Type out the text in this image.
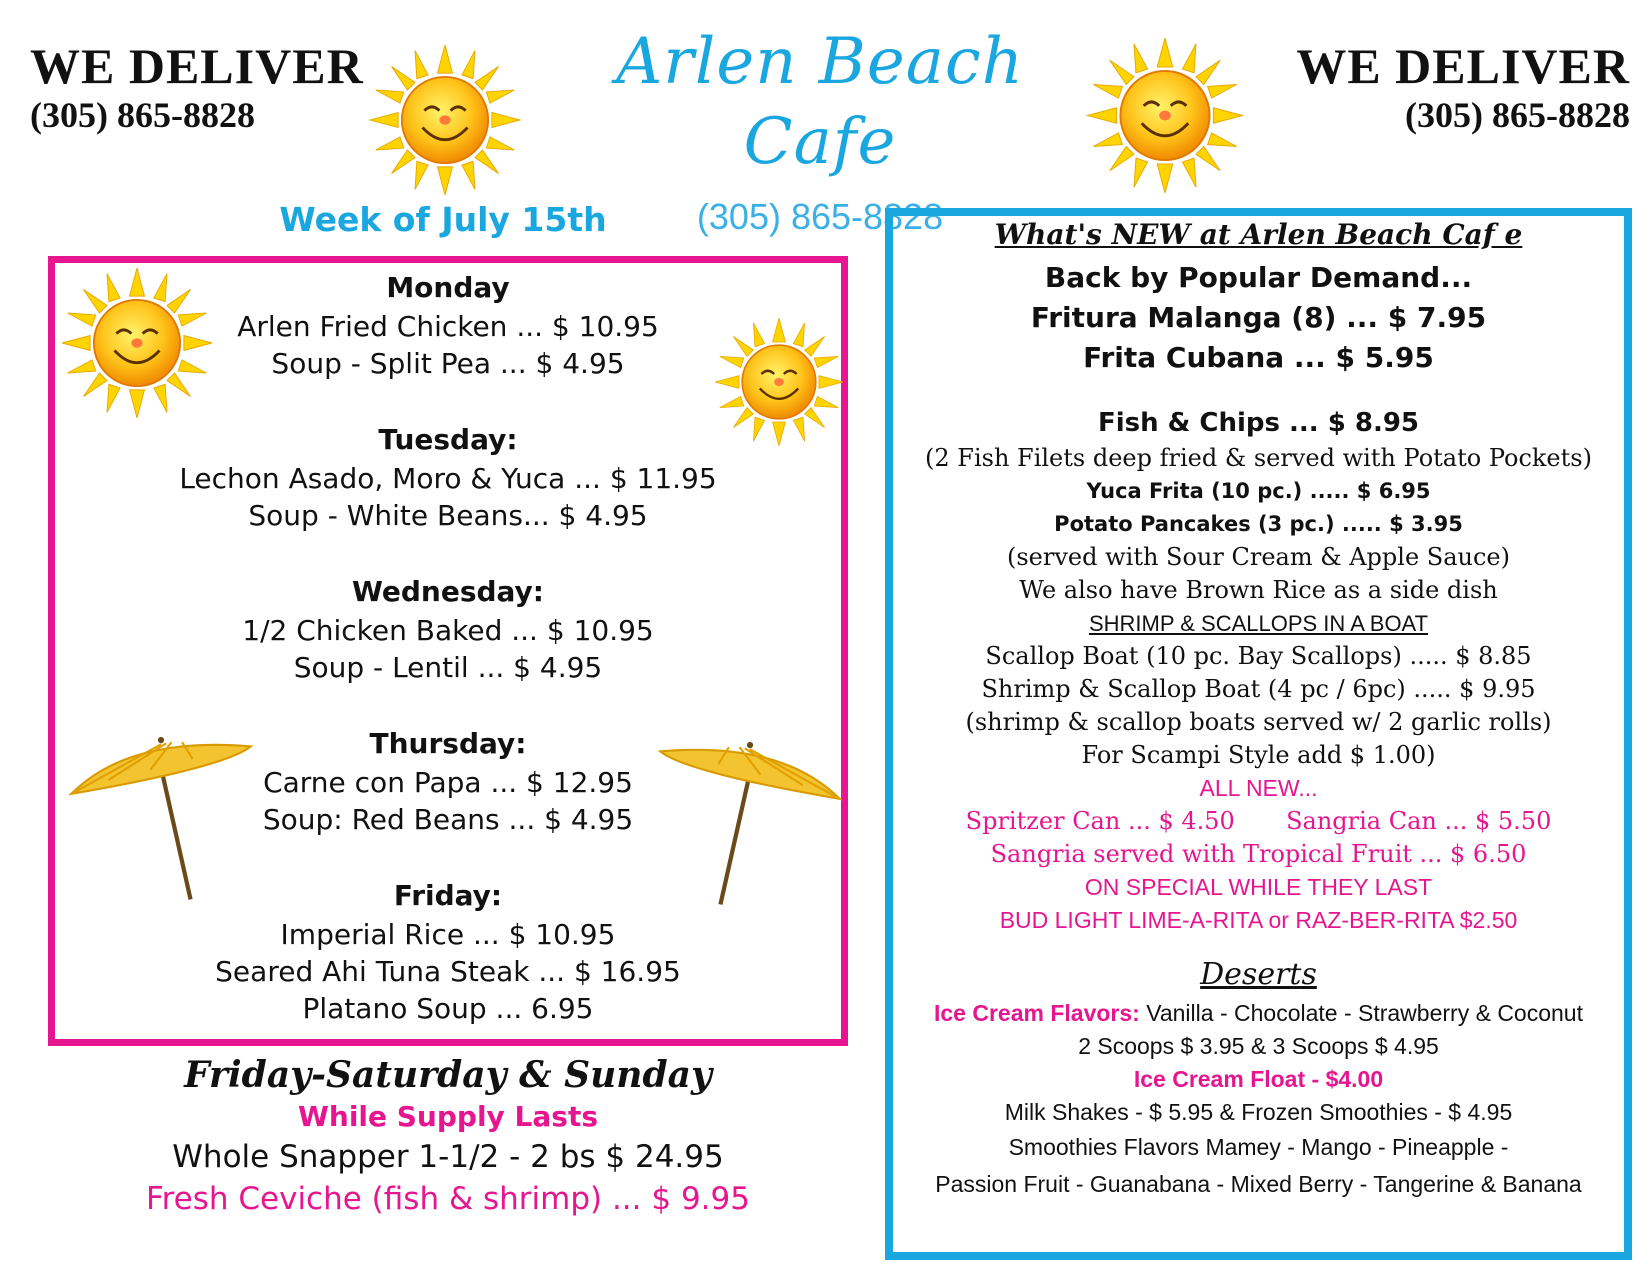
WE DELIVER
(305) 865-8828
WE DELIVER
(305) 865-8828
Arlen Beach Cafe
(305) 865-8828
Week of July 15th
Monday
Arlen Fried Chicken ... $ 10.95
Soup - Split Pea ... $ 4.95
Tuesday:
Lechon Asado, Moro & Yuca ... $ 11.95
Soup - White Beans... $ 4.95
Wednesday:
1/2 Chicken Baked ... $ 10.95
Soup - Lentil ... $ 4.95
Thursday:
Carne con Papa ... $ 12.95
Soup: Red Beans ... $ 4.95
Friday:
Imperial Rice ... $ 10.95
Seared Ahi Tuna Steak ... $ 16.95
Platano Soup ... 6.95
Friday-Saturday & Sunday
While Supply Lasts
Whole Snapper 1-1/2 - 2 bs $ 24.95
Fresh Ceviche (fish & shrimp) ... $ 9.95
What's NEW at Arlen Beach Caf e
Back by Popular Demand...
Fritura Malanga (8) ... $ 7.95
Frita Cubana ... $ 5.95
Fish & Chips ... $ 8.95
(2 Fish Filets deep fried & served with Potato Pockets)
Yuca Frita (10 pc.) ..... $ 6.95
Potato Pancakes (3 pc.) ..... $ 3.95
(served with Sour Cream & Apple Sauce)
We also have Brown Rice as a side dish
SHRIMP & SCALLOPS IN A BOAT
Scallop Boat (10 pc. Bay Scallops) ..... $ 8.85
Shrimp & Scallop Boat (4 pc / 6pc) ..... $ 9.95
(shrimp & scallop boats served w/ 2 garlic rolls)
For Scampi Style add $ 1.00)
ALL NEW...
Spritzer Can ... $ 4.50 Sangria Can ... $ 5.50
Sangria served with Tropical Fruit ... $ 6.50
ON SPECIAL WHILE THEY LAST
BUD LIGHT LIME-A-RITA or RAZ-BER-RITA $2.50
Deserts
Ice Cream Flavors: Vanilla - Chocolate - Strawberry & Coconut
2 Scoops $ 3.95 & 3 Scoops $ 4.95
Ice Cream Float - $4.00
Milk Shakes - $ 5.95 & Frozen Smoothies - $ 4.95
Smoothies Flavors Mamey - Mango - Pineapple -
Passion Fruit - Guanabana - Mixed Berry - Tangerine & Banana
